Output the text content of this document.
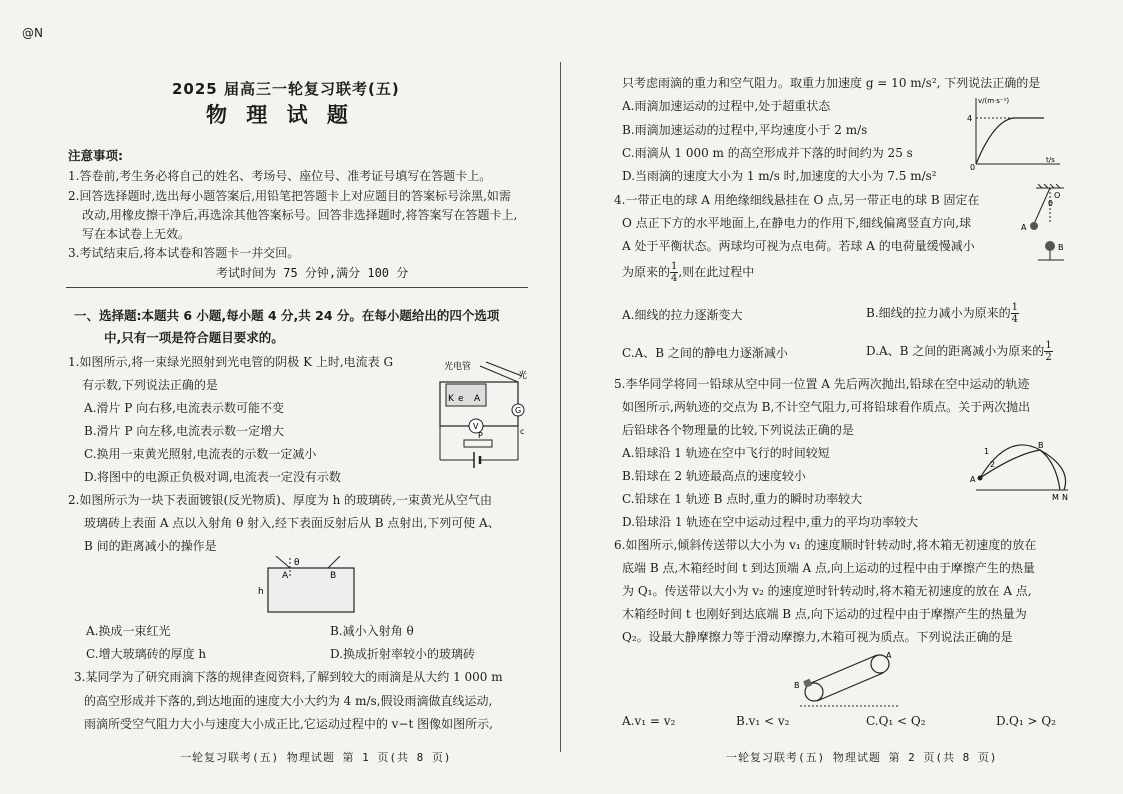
@N
2025 届高三一轮复习联考(五)
物 理 试 题
注意事项:
1.答卷前,考生务必将自己的姓名、考场号、座位号、准考证号填写在答题卡上。
2.回答选择题时,选出每小题答案后,用铅笔把答题卡上对应题目的答案标号涂黑,如需
改动,用橡皮擦干净后,再选涂其他答案标号。回答非选择题时,将答案写在答题卡上,
写在本试卷上无效。
3.考试结束后,将本试卷和答题卡一并交回。
考试时间为 75 分钟,满分 100 分
一、选择题:本题共 6 小题,每小题 4 分,共 24 分。在每小题给出的四个选项
中,只有一项是符合题目要求的。
1.如图所示,将一束绿光照射到光电管的阴极 K 上时,电流表 G
有示数,下列说法正确的是
A.滑片 P 向右移,电流表示数可能不变
B.滑片 P 向左移,电流表示数一定增大
C.换用一束黄光照射,电流表的示数一定减小
D.将图中的电源正负极对调,电流表一定没有示数
光电管
光
K e A
G
V
P	c
2.如图所示为一块下表面镀银(反光物质)、厚度为 h 的玻璃砖,一束黄光从空气由
玻璃砖上表面 A 点以入射角 θ 射入,经下表面反射后从 B 点射出,下列可使 A、
B 间的距离减小的操作是
θ
A	B
h
A.换成一束红光	B.减小入射角 θ
C.增大玻璃砖的厚度 h	D.换成折射率较小的玻璃砖
3.某同学为了研究雨滴下落的规律查阅资料,了解到较大的雨滴是从大约 1 000 m
的高空形成并下落的,到达地面的速度大小大约为 4 m/s,假设雨滴做直线运动,
雨滴所受空气阻力大小与速度大小成正比,它运动过程中的 v−t 图像如图所示,
一轮复习联考(五) 物理试题 第 1 页(共 8 页)
只考虑雨滴的重力和空气阻力。取重力加速度 g = 10 m/s², 下列说法正确的是
A.雨滴加速运动的过程中,处于超重状态
B.雨滴加速运动的过程中,平均速度小于 2 m/s
C.雨滴从 1 000 m 的高空形成并下落的时间约为 25 s
D.当雨滴的速度大小为 1 m/s 时,加速度的大小为 7.5 m/s²
v/(m·s⁻¹)
t/s
4
0
4.一带正电的球 A 用绝缘细线悬挂在 O 点,另一带正电的球 B 固定在
O 点正下方的水平地面上,在静电力的作用下,细线偏离竖直方向,球
A 处于平衡状态。两球均可视为点电荷。若球 A 的电荷量缓慢减小
为原来的 $\frac{1}{4}$ ,则在此过程中
O
θ
A
B
A.细线的拉力逐渐变大	B.细线的拉力减小为原来的 $\frac{1}{4}$
C.A、B 之间的静电力逐渐减小	D.A、B 之间的距离减小为原来的 $\frac{1}{2}$
5.李华同学将同一铅球从空中同一位置 A 先后两次抛出,铅球在空中运动的轨迹
如图所示,两轨迹的交点为 B,不计空气阻力,可将铅球看作质点。关于两次抛出
后铅球各个物理量的比较,下列说法正确的是
A.铅球沿 1 轨迹在空中飞行的时间较短
B.铅球在 2 轨迹最高点的速度较小
C.铅球在 1 轨迹 B 点时,重力的瞬时功率较大
D.铅球沿 1 轨迹在空中运动过程中,重力的平均功率较大
1
2
A
B
M N
6.如图所示,倾斜传送带以大小为 v₁ 的速度顺时针转动时,将木箱无初速度的放在
底端 B 点,木箱经时间 t 到达顶端 A 点,向上运动的过程中由于摩擦产生的热量
为 Q₁。传送带以大小为 v₂ 的速度逆时针转动时,将木箱无初速度的放在 A 点,
木箱经时间 t 也刚好到达底端 B 点,向下运动的过程中由于摩擦产生的热量为
Q₂。设最大静摩擦力等于滑动摩擦力,木箱可视为质点。下列说法正确的是
A
B
A.v₁ = v₂	B.v₁ < v₂	C.Q₁ < Q₂	D.Q₁ > Q₂
一轮复习联考(五) 物理试题 第 2 页(共 8 页)
